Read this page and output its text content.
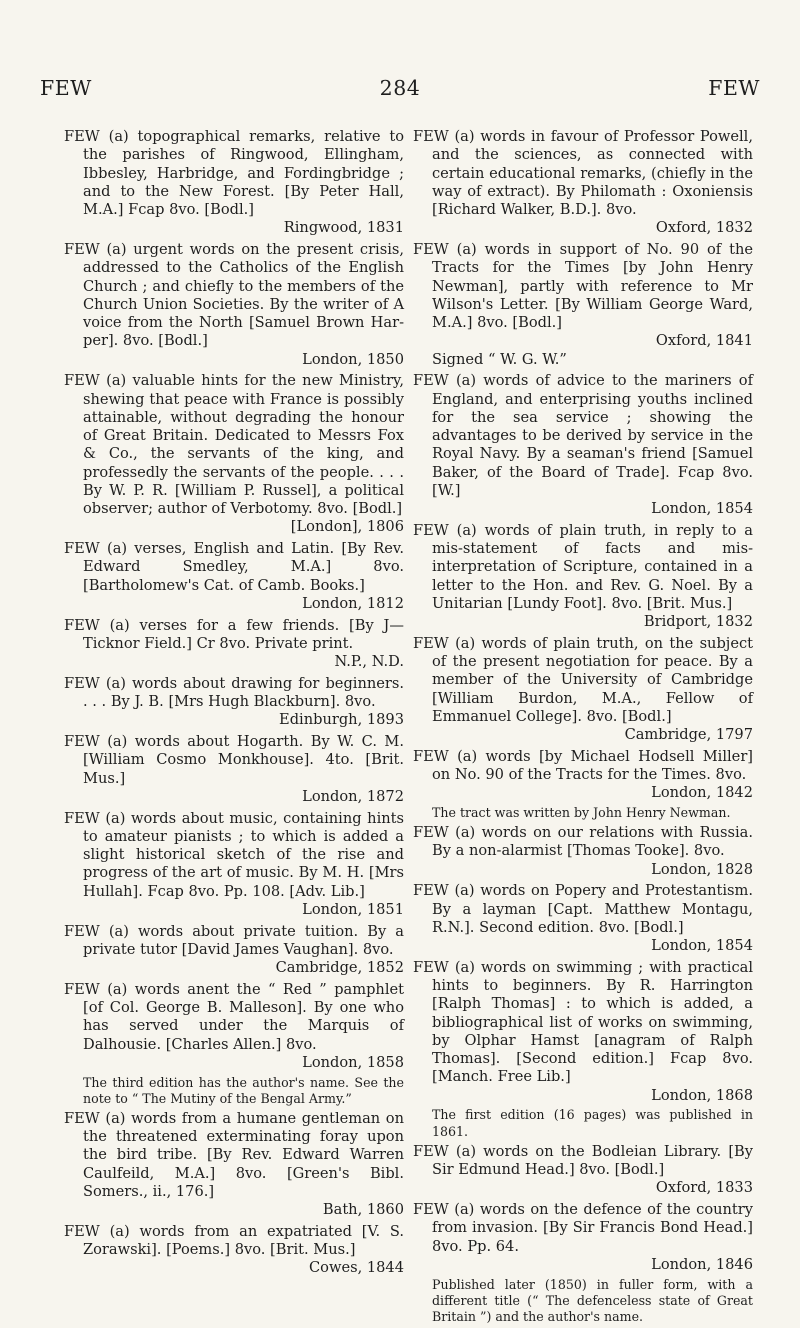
FEW	284	FEW

FEW (a) topographical remarks, relative to the parishes of Ringwood, Ellingham, Ibbesley, Harbridge, and Fordingbridge ; and to the New Forest. [By Peter Hall, M.A.] Fcap 8vo. [Bodl.]
Ringwood, 1831

FEW (a) urgent words on the present crisis, addressed to the Catholics of the English Church ; and chiefly to the members of the Church Union Societies. By the writer of A voice from the North [Samuel Brown Harper]. 8vo. [Bodl.]
London, 1850

FEW (a) valuable hints for the new Ministry, shewing that peace with France is possibly attainable, without degrading the honour of Great Britain. Dedicated to Messrs Fox & Co., the servants of the king, and professedly the servants of the people. . . . By W. P. R. [William P. Russel], a political observer; author of Verbotomy. 8vo. [Bodl.]
[London], 1806

FEW (a) verses, English and Latin. [By Rev. Edward Smedley, M.A.] 8vo. [Bartholomew's Cat. of Camb. Books.]
London, 1812

FEW (a) verses for a few friends. [By J— Ticknor Field.] Cr 8vo. Private print.
N.P., N.D.

FEW (a) words about drawing for beginners. . . . By J. B. [Mrs Hugh Blackburn]. 8vo.
Edinburgh, 1893

FEW (a) words about Hogarth. By W. C. M. [William Cosmo Monkhouse]. 4to. [Brit. Mus.]
London, 1872

FEW (a) words about music, containing hints to amateur pianists ; to which is added a slight historical sketch of the rise and progress of the art of music. By M. H. [Mrs Hullah]. Fcap 8vo. Pp. 108. [Adv. Lib.]
London, 1851

FEW (a) words about private tuition. By a private tutor [David James Vaughan]. 8vo.
Cambridge, 1852

FEW (a) words anent the “ Red ” pamphlet [of Col. George B. Malleson]. By one who has served under the Marquis of Dalhousie. [Charles Allen.] 8vo.
London, 1858

The third edition has the author's name. See the note to “ The Mutiny of the Bengal Army.”

FEW (a) words from a humane gentleman on the threatened exterminating foray upon the bird tribe. [By Rev. Edward Warren Caulfeild, M.A.] 8vo. [Green's Bibl. Somers., ii., 176.]
Bath, 1860

FEW (a) words from an expatriated [V. S. Zorawski]. [Poems.] 8vo. [Brit. Mus.]
Cowes, 1844

FEW (a) words in favour of Professor Powell, and the sciences, as connected with certain educational remarks, (chiefly in the way of extract). By Philomath : Oxoniensis [Richard Walker, B.D.]. 8vo.
Oxford, 1832

FEW (a) words in support of No. 90 of the Tracts for the Times [by John Henry Newman], partly with reference to Mr Wilson's Letter. [By William George Ward, M.A.] 8vo. [Bodl.]
Oxford, 1841
Signed “ W. G. W.”

FEW (a) words of advice to the mariners of England, and enterprising youths inclined for the sea service ; showing the advantages to be derived by service in the Royal Navy. By a seaman's friend [Samuel Baker, of the Board of Trade]. Fcap 8vo. [W.]
London, 1854

FEW (a) words of plain truth, in reply to a mis-statement of facts and misinterpretation of Scripture, contained in a letter to the Hon. and Rev. G. Noel. By a Unitarian [Lundy Foot]. 8vo. [Brit. Mus.]
Bridport, 1832

FEW (a) words of plain truth, on the subject of the present negotiation for peace. By a member of the University of Cambridge [William Burdon, M.A., Fellow of Emmanuel College]. 8vo. [Bodl.]
Cambridge, 1797

FEW (a) words [by Michael Hodsell Miller] on No. 90 of the Tracts for the Times. 8vo.
London, 1842

The tract was written by John Henry Newman.

FEW (a) words on our relations with Russia. By a non-alarmist [Thomas Tooke]. 8vo.
London, 1828

FEW (a) words on Popery and Protestantism. By a layman [Capt. Matthew Montagu, R.N.]. Second edition. 8vo. [Bodl.]
London, 1854

FEW (a) words on swimming ; with practical hints to beginners. By R. Harrington [Ralph Thomas] : to which is added, a bibliographical list of works on swimming, by Olphar Hamst [anagram of Ralph Thomas]. [Second edition.] Fcap 8vo. [Manch. Free Lib.]
London, 1868

The first edition (16 pages) was published in 1861.

FEW (a) words on the Bodleian Library. [By Sir Edmund Head.] 8vo. [Bodl.]
Oxford, 1833

FEW (a) words on the defence of the country from invasion. [By Sir Francis Bond Head.] 8vo. Pp. 64.
London, 1846

Published later (1850) in fuller form, with a different title (“ The defenceless state of Great Britain ”) and the author's name.
